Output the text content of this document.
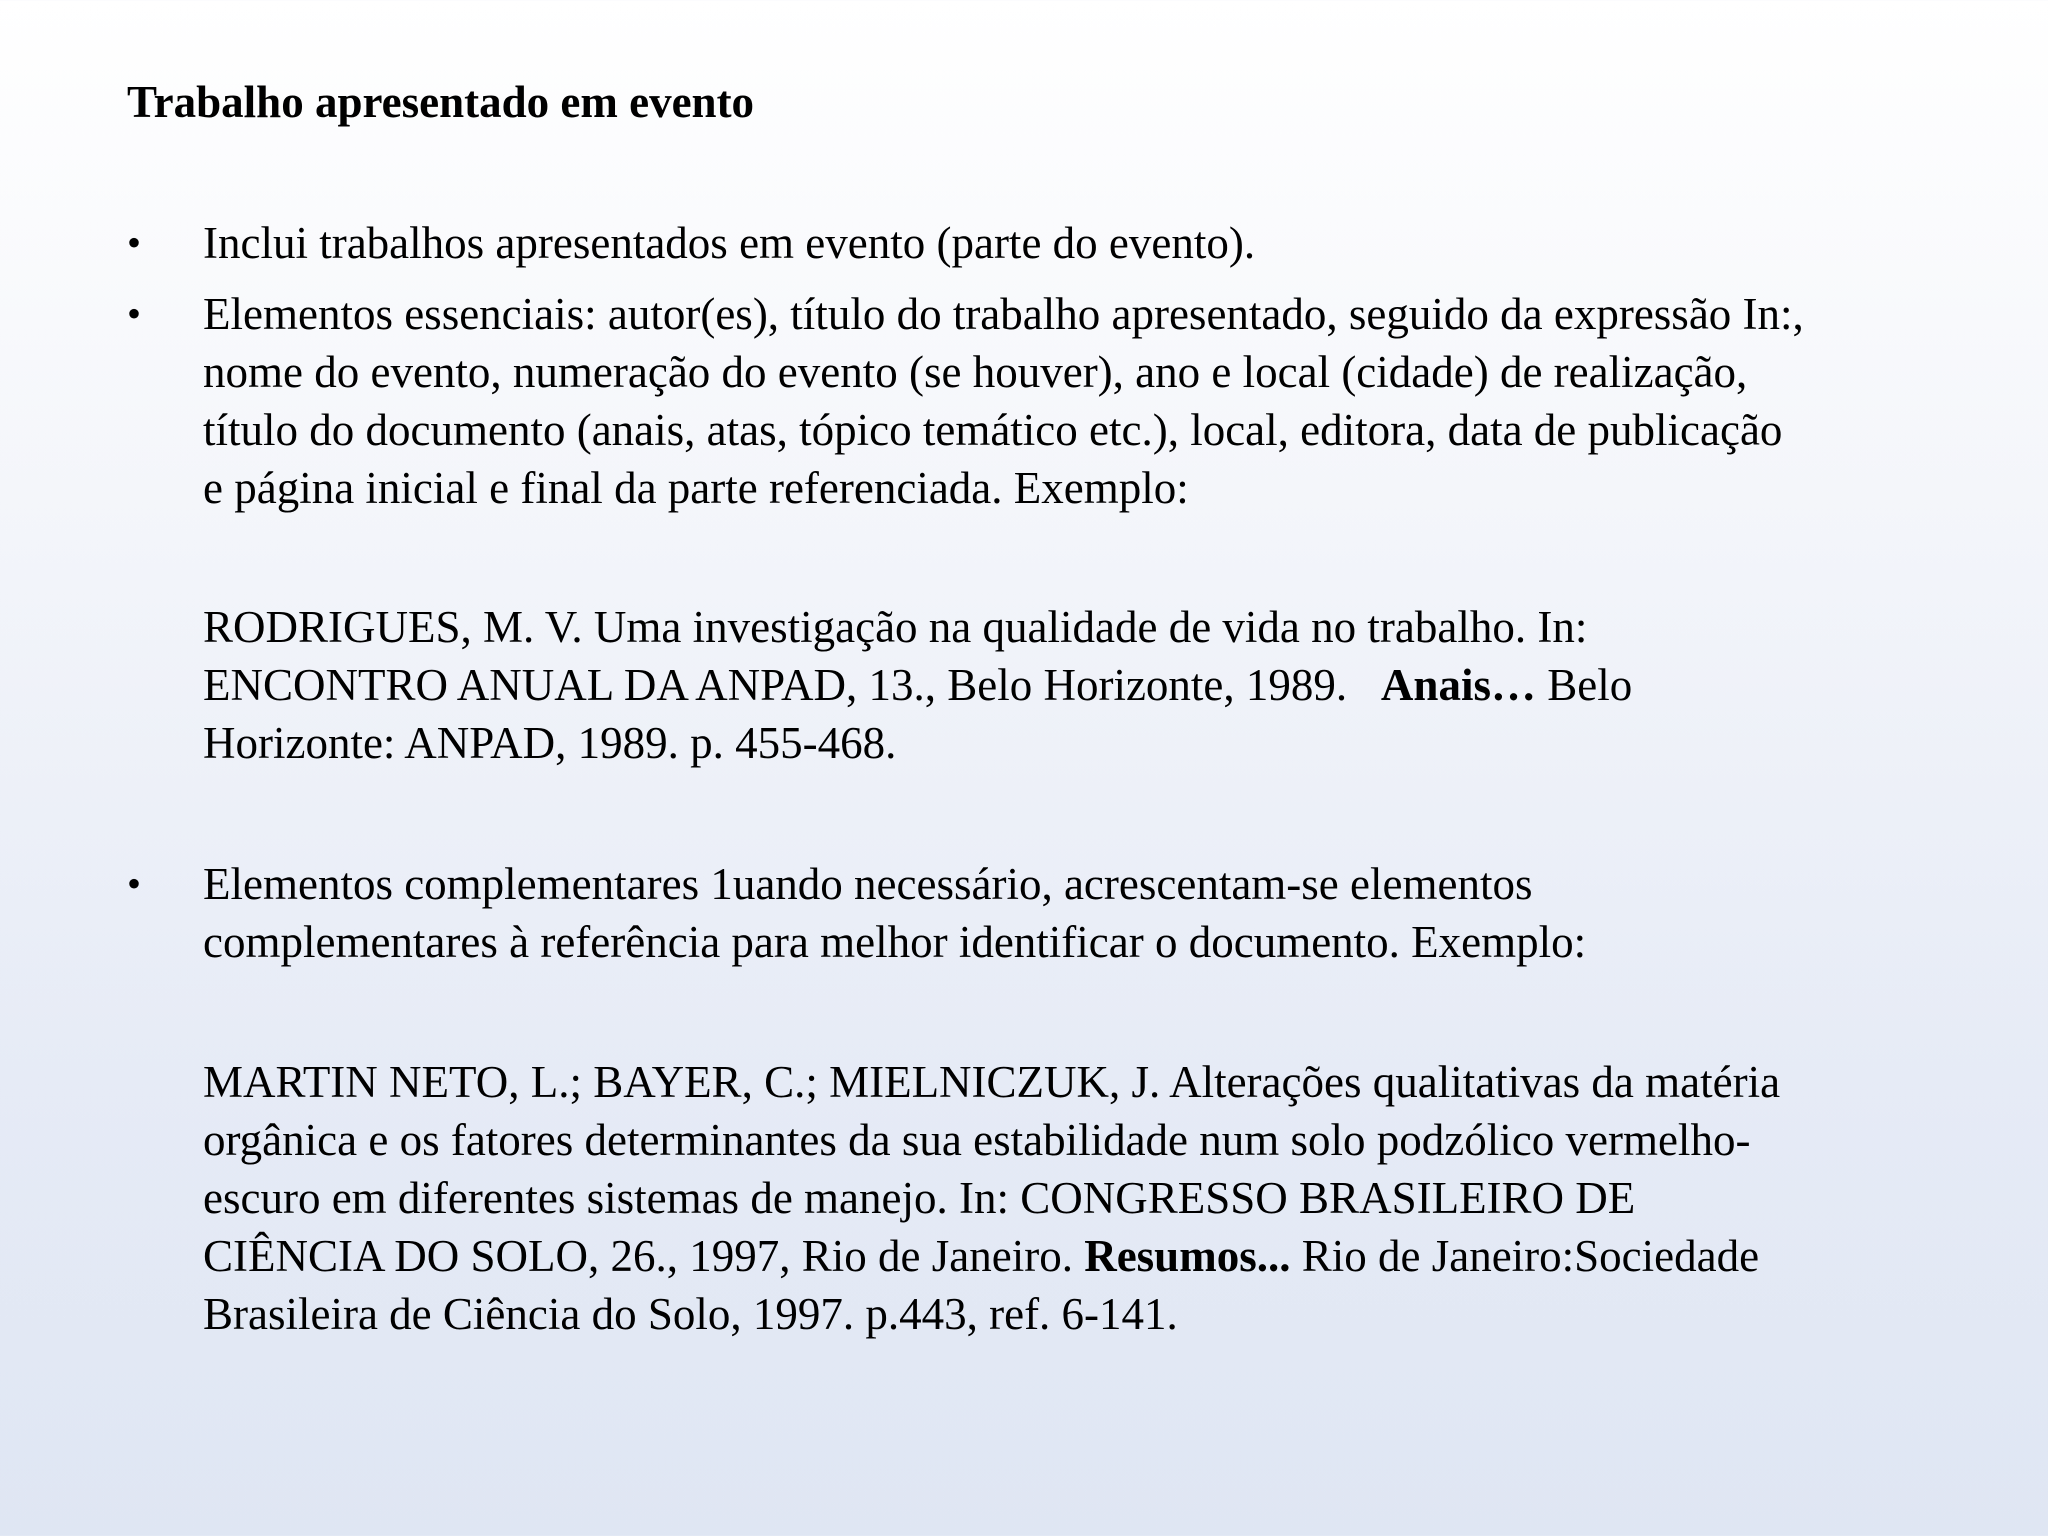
Trabalho apresentado em evento
•	Inclui trabalhos apresentados em evento (parte do evento).
•	Elementos essenciais: autor(es), título do trabalho apresentado, seguido da expressão In:,
nome do evento, numeração do evento (se houver), ano e local (cidade) de realização,
título do documento (anais, atas, tópico temático etc.), local, editora, data de publicação
e página inicial e final da parte referenciada. Exemplo:
RODRIGUES, M. V. Uma investigação na qualidade de vida no trabalho. In:
ENCONTRO ANUAL DA ANPAD, 13., Belo Horizonte, 1989.   Anais… Belo
Horizonte: ANPAD, 1989. p. 455-468.
•	Elementos complementares 1uando necessário, acrescentam-se elementos
complementares à referência para melhor identificar o documento. Exemplo:
MARTIN NETO, L.; BAYER, C.; MIELNICZUK, J. Alterações qualitativas da matéria
orgânica e os fatores determinantes da sua estabilidade num solo podzólico vermelho-
escuro em diferentes sistemas de manejo. In: CONGRESSO BRASILEIRO DE
CIÊNCIA DO SOLO, 26., 1997, Rio de Janeiro. Resumos... Rio de Janeiro:Sociedade
Brasileira de Ciência do Solo, 1997. p.443, ref. 6-141.
